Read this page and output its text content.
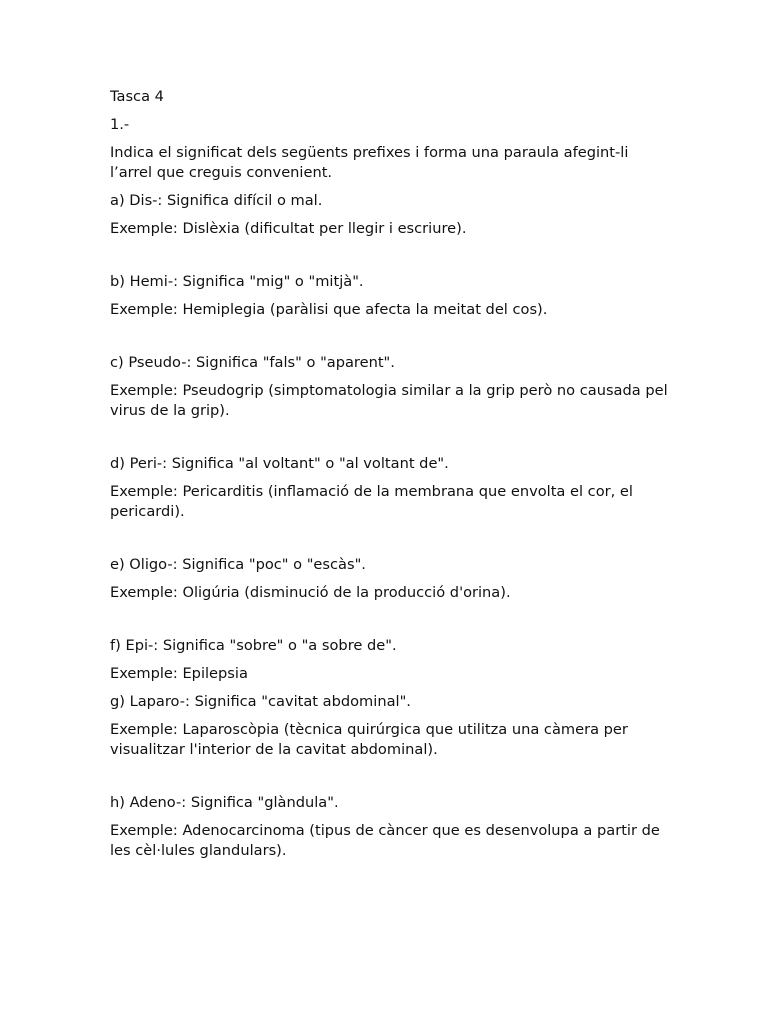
Tasca 4

1.-

Indica el significat dels següents prefixes i forma una paraula afegint-li l’arrel que creguis convenient.

a) Dis-: Significa difícil o mal.

Exemple: Dislèxia (dificultat per llegir i escriure).

b) Hemi-: Significa "mig" o "mitjà".

Exemple: Hemiplegia (paràlisi que afecta la meitat del cos).

c) Pseudo-: Significa "fals" o "aparent".

Exemple: Pseudogrip (simptomatologia similar a la grip però no causada pel virus de la grip).

d) Peri-: Significa "al voltant" o "al voltant de".

Exemple: Pericarditis (inflamació de la membrana que envolta el cor, el pericardi).

e) Oligo-: Significa "poc" o "escàs".

Exemple: Oligúria (disminució de la producció d'orina).

f) Epi-: Significa "sobre" o "a sobre de".

Exemple: Epilepsia

g) Laparo-: Significa "cavitat abdominal".

Exemple: Laparoscòpia (tècnica quirúrgica que utilitza una càmera per visualitzar l'interior de la cavitat abdominal).

h) Adeno-: Significa "glàndula".

Exemple: Adenocarcinoma (tipus de càncer que es desenvolupa a partir de les cèl·lules glandulars).
